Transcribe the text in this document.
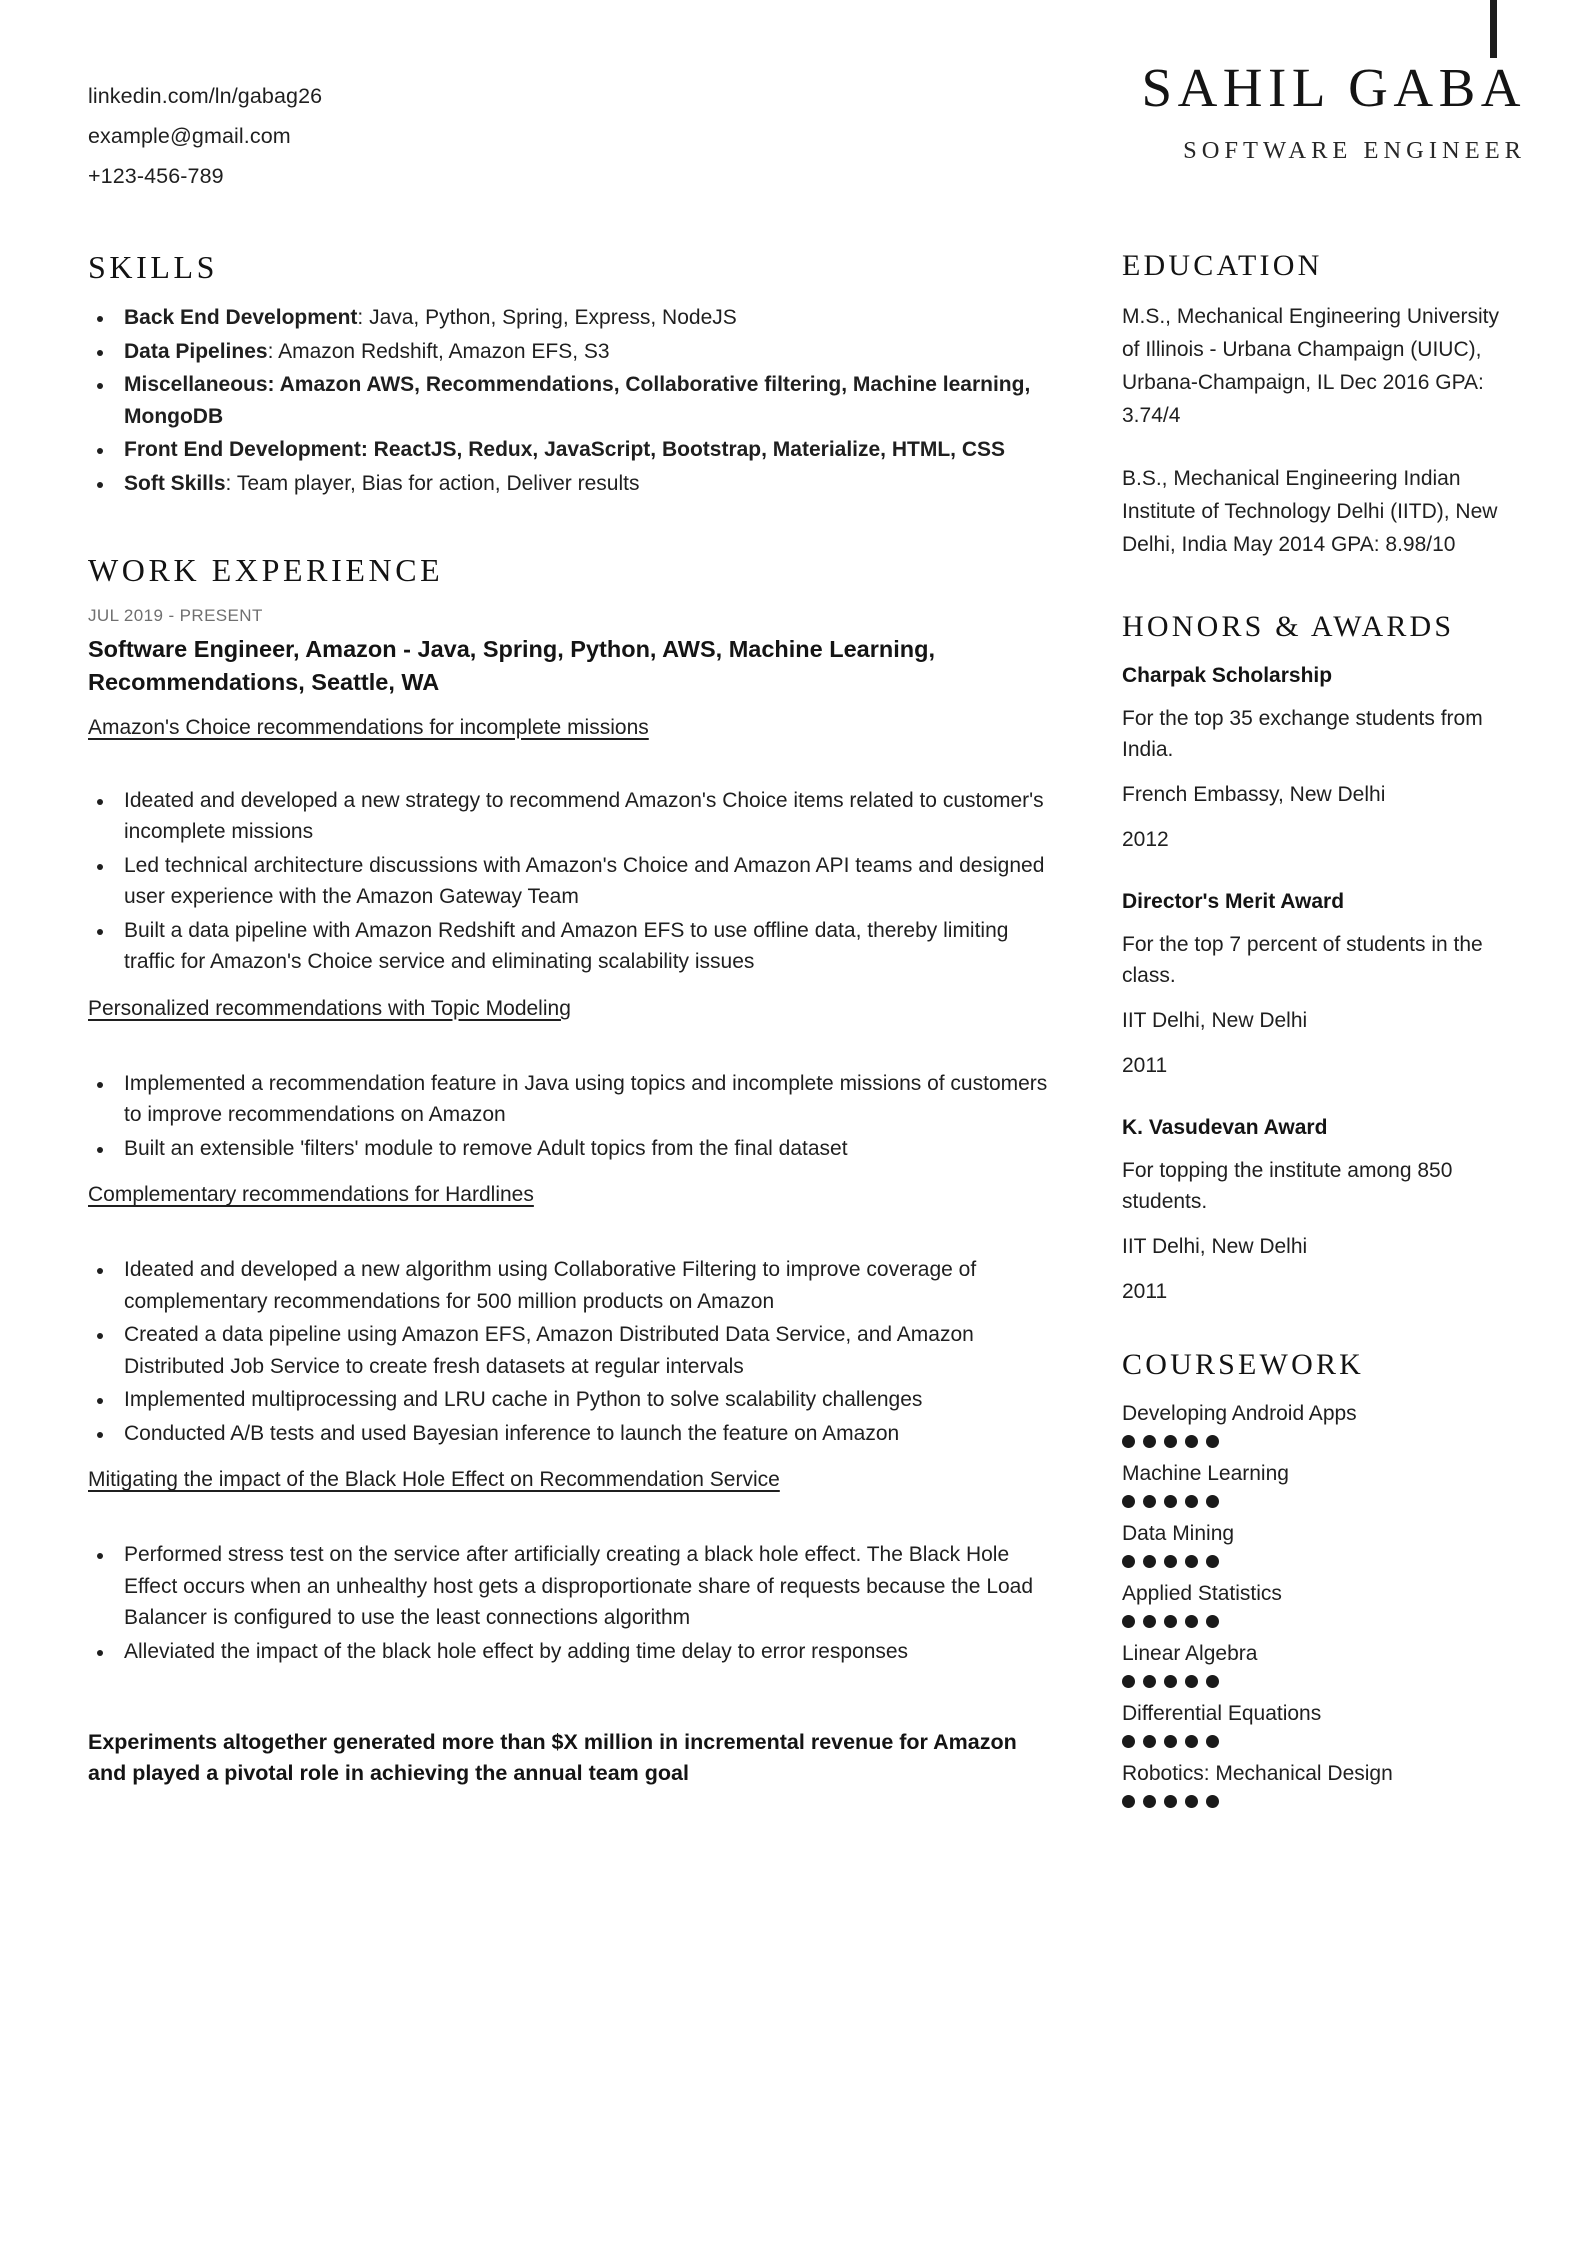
linkedin.com/ln/gabag26
example@gmail.com
+123-456-789
SAHIL GABA
SOFTWARE ENGINEER
SKILLS
Back End Development: Java, Python, Spring, Express, NodeJS
Data Pipelines: Amazon Redshift, Amazon EFS, S3
Miscellaneous: Amazon AWS, Recommendations, Collaborative filtering, Machine learning, MongoDB
Front End Development: ReactJS, Redux, JavaScript, Bootstrap, Materialize, HTML, CSS
Soft Skills: Team player, Bias for action, Deliver results
WORK EXPERIENCE
JUL 2019 - PRESENT
Software Engineer, Amazon - Java, Spring, Python, AWS, Machine Learning, Recommendations, Seattle, WA
Amazon's Choice recommendations for incomplete missions
Ideated and developed a new strategy to recommend Amazon's Choice items related to customer's incomplete missions
Led technical architecture discussions with Amazon's Choice and Amazon API teams and designed user experience with the Amazon Gateway Team
Built a data pipeline with Amazon Redshift and Amazon EFS to use offline data, thereby limiting traffic for Amazon's Choice service and eliminating scalability issues
Personalized recommendations with Topic Modeling
Implemented a recommendation feature in Java using topics and incomplete missions of customers to improve recommendations on Amazon
Built an extensible 'filters' module to remove Adult topics from the final dataset
Complementary recommendations for Hardlines
Ideated and developed a new algorithm using Collaborative Filtering to improve coverage of complementary recommendations for 500 million products on Amazon
Created a data pipeline using Amazon EFS, Amazon Distributed Data Service, and Amazon Distributed Job Service to create fresh datasets at regular intervals
Implemented multiprocessing and LRU cache in Python to solve scalability challenges
Conducted A/B tests and used Bayesian inference to launch the feature on Amazon
Mitigating the impact of the Black Hole Effect on Recommendation Service
Performed stress test on the service after artificially creating a black hole effect. The Black Hole Effect occurs when an unhealthy host gets a disproportionate share of requests because the Load Balancer is configured to use the least connections algorithm
Alleviated the impact of the black hole effect by adding time delay to error responses
Experiments altogether generated more than $X million in incremental revenue for Amazon and played a pivotal role in achieving the annual team goal
EDUCATION
M.S., Mechanical Engineering University of Illinois - Urbana Champaign (UIUC), Urbana-Champaign, IL Dec 2016 GPA: 3.74/4
B.S., Mechanical Engineering Indian Institute of Technology Delhi (IITD), New Delhi, India May 2014 GPA: 8.98/10
HONORS & AWARDS
Charpak Scholarship
For the top 35 exchange students from India.
French Embassy, New Delhi
2012
Director's Merit Award
For the top 7 percent of students in the class.
IIT Delhi, New Delhi
2011
K. Vasudevan Award
For topping the institute among 850 students.
IIT Delhi, New Delhi
2011
COURSEWORK
Developing Android Apps
Machine Learning
Data Mining
Applied Statistics
Linear Algebra
Differential Equations
Robotics: Mechanical Design
